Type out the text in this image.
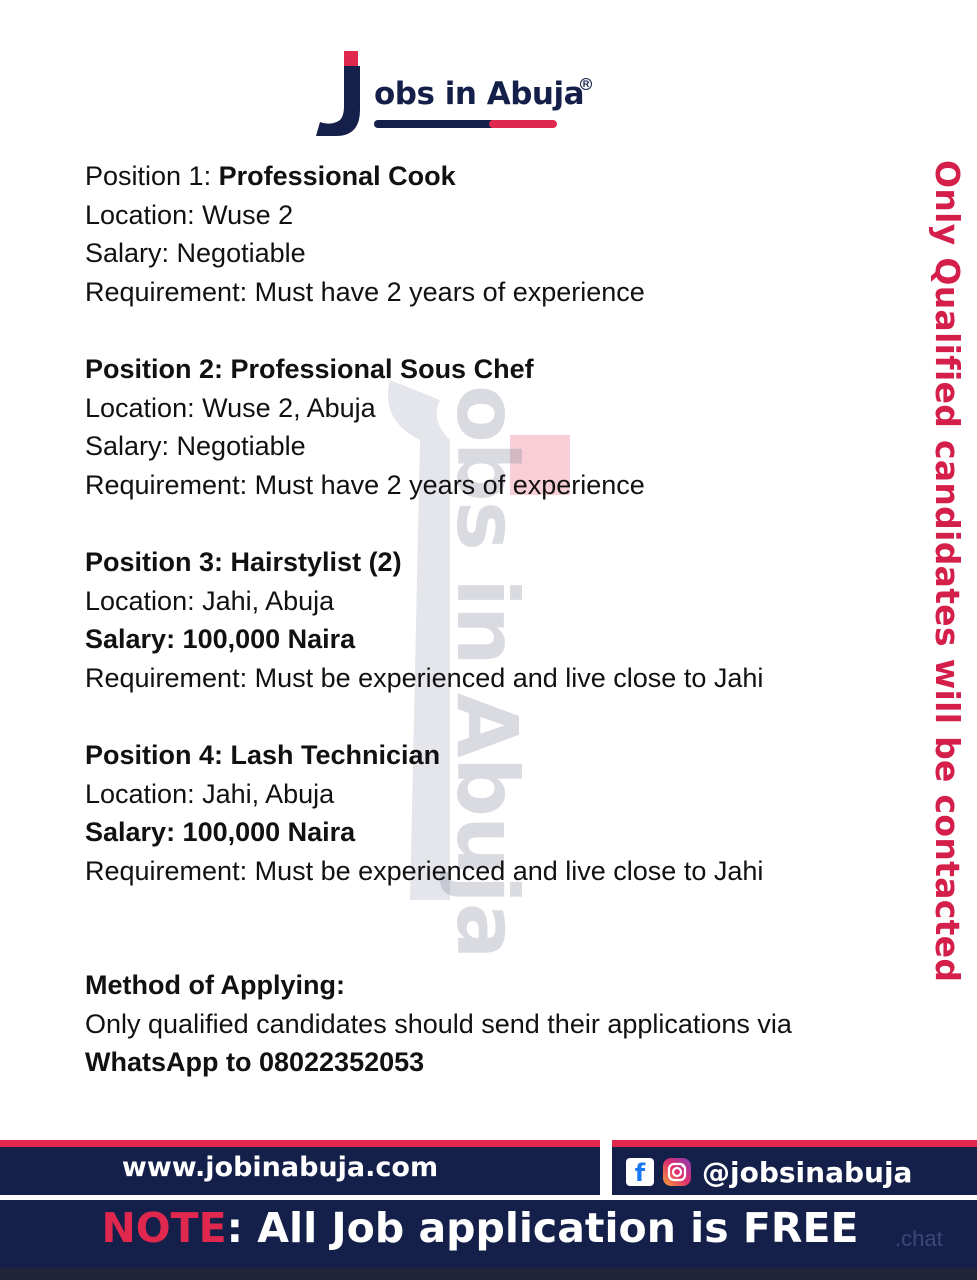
obs in Abuja
R
obs in Abuja
Position 1: Professional Cook
Location: Wuse 2
Salary: Negotiable
Requirement: Must have 2 years of experience
Position 2: Professional Sous Chef
Location: Wuse 2, Abuja
Salary: Negotiable
Requirement: Must have 2 years of experience
Position 3: Hairstylist (2)
Location: Jahi, Abuja
Salary: 100,000 Naira
Requirement: Must be experienced and live close to Jahi
Position 4: Lash Technician
Location: Jahi, Abuja
Salary: 100,000 Naira
Requirement: Must be experienced and live close to Jahi	Only Qualified candidates will be contacted
Method of Applying:
Only qualified candidates should send their applications via
WhatsApp to 08022352053
www.jobinabuja.com	f	@jobsinabuja
NOTE: All Job application is FREE	.chat
